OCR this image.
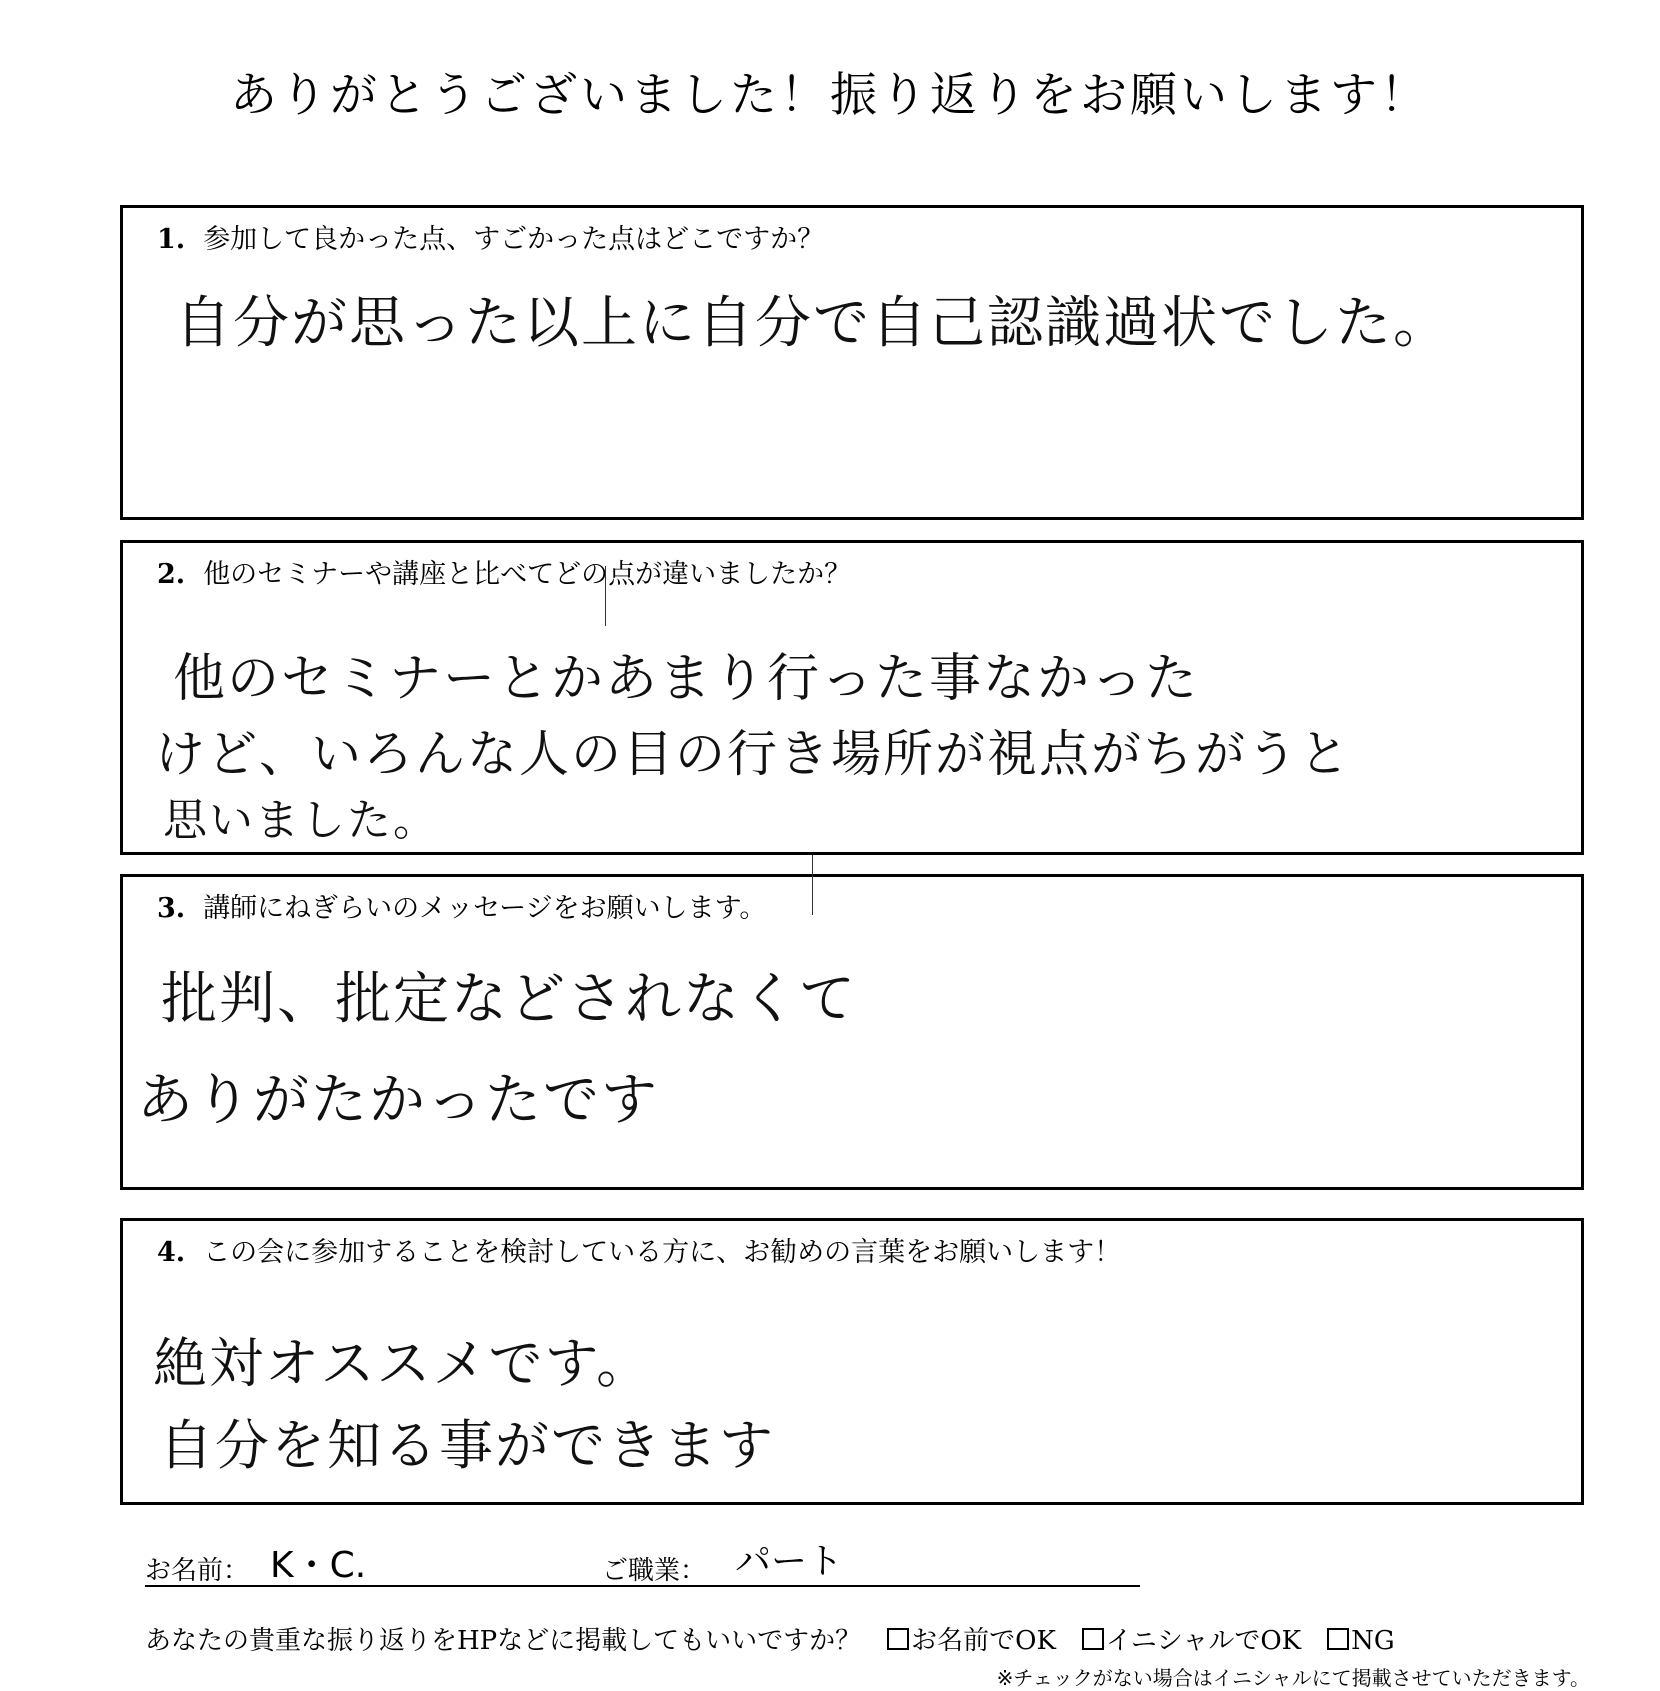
ありがとうございました！振り返りをお願いします！
1. 参加して良かった点、すごかった点はどこですか？
自分が思った以上に自分で自己認識過状でした。
2. 他のセミナーや講座と比べてどの点が違いましたか？
他のセミナーとかあまり行った事なかった
けど、いろんな人の目の行き場所が視点がちがうと
思いました。
3. 講師にねぎらいのメッセージをお願いします。
批判、批定などされなくて
ありがたかったです
4. この会に参加することを検討している方に、お勧めの言葉をお願いします！
絶対オススメです。
自分を知る事ができます
お名前： K・C.	ご職業： パート
あなたの貴重な振り返りをHPなどに掲載してもいいですか？ お名前でOK イニシャルでOK NG
※チェックがない場合はイニシャルにて掲載させていただきます。
